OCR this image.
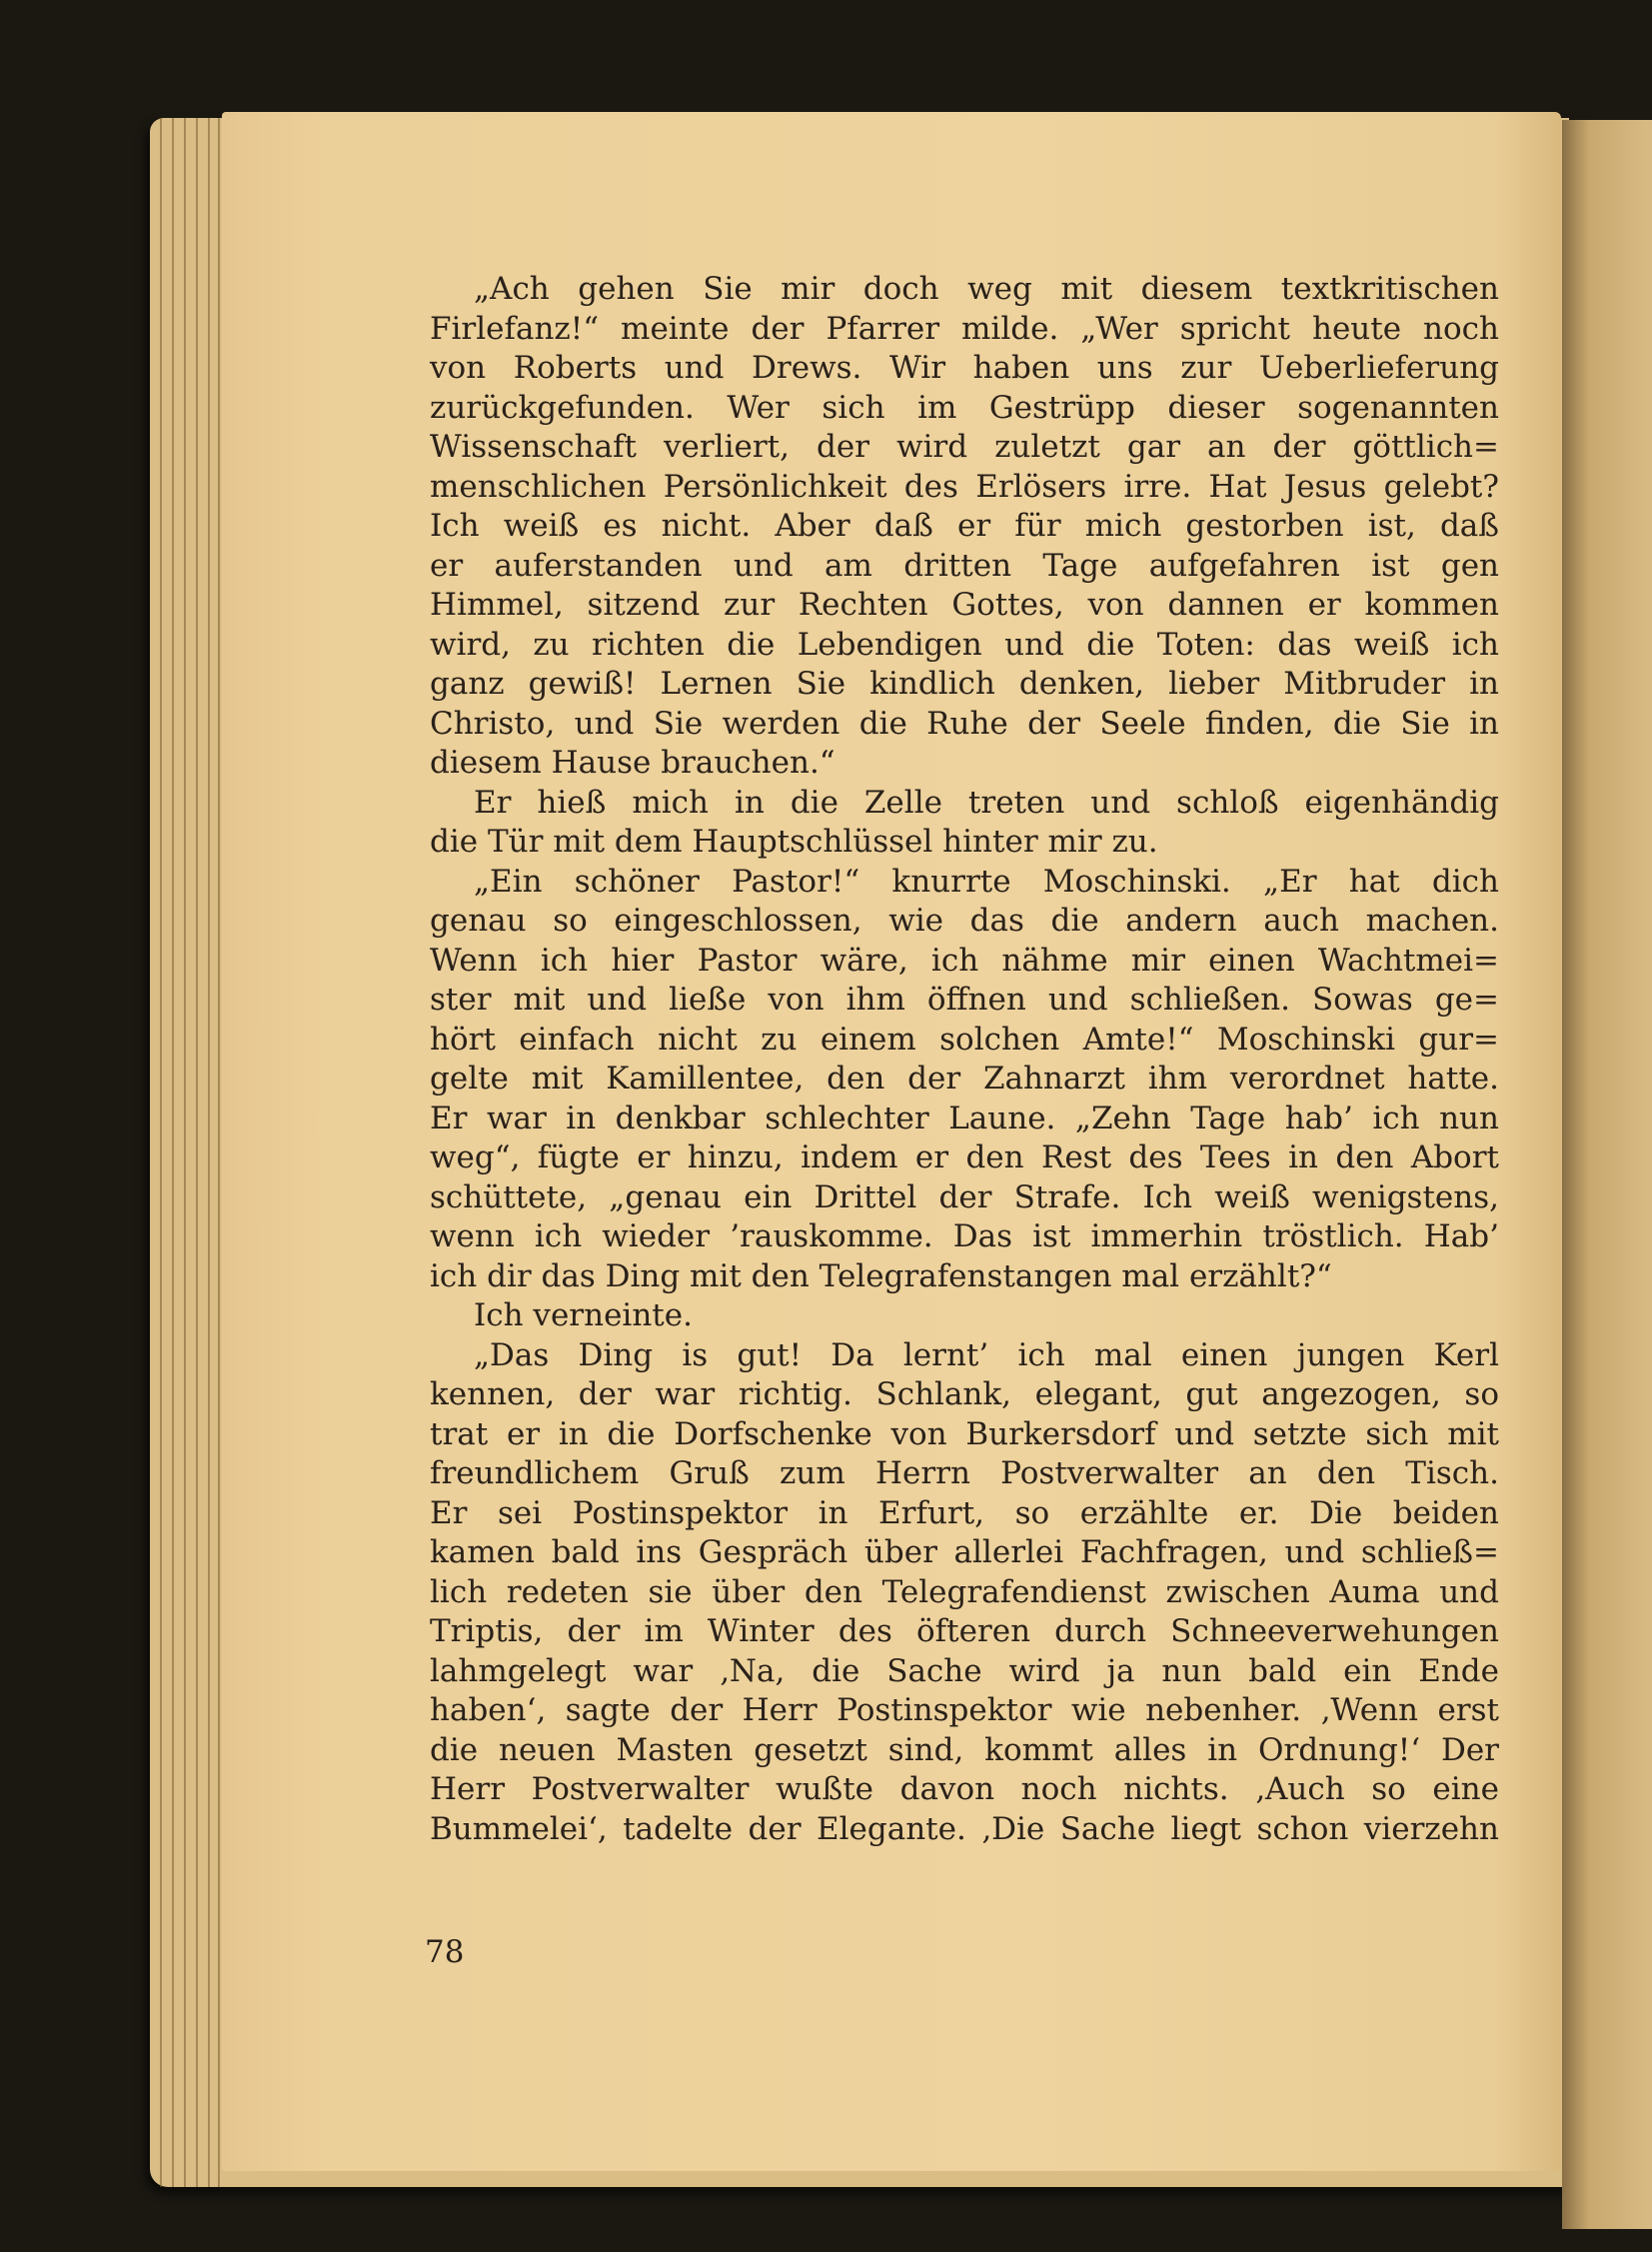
„Ach gehen Sie mir doch weg mit diesem textkritischen
Firlefanz!“ meinte der Pfarrer milde. „Wer spricht heute noch
von Roberts und Drews. Wir haben uns zur Ueberlieferung
zurückgefunden. Wer sich im Gestrüpp dieser sogenannten
Wissenschaft verliert, der wird zuletzt gar an der göttlich=
menschlichen Persönlichkeit des Erlösers irre. Hat Jesus gelebt?
Ich weiß es nicht. Aber daß er für mich gestorben ist, daß
er auferstanden und am dritten Tage aufgefahren ist gen
Himmel, sitzend zur Rechten Gottes, von dannen er kommen
wird, zu richten die Lebendigen und die Toten: das weiß ich
ganz gewiß! Lernen Sie kindlich denken, lieber Mitbruder in
Christo, und Sie werden die Ruhe der Seele finden, die Sie in
diesem Hause brauchen.“
Er hieß mich in die Zelle treten und schloß eigenhändig
die Tür mit dem Hauptschlüssel hinter mir zu.
„Ein schöner Pastor!“ knurrte Moschinski. „Er hat dich
genau so eingeschlossen, wie das die andern auch machen.
Wenn ich hier Pastor wäre, ich nähme mir einen Wachtmei=
ster mit und ließe von ihm öffnen und schließen. Sowas ge=
hört einfach nicht zu einem solchen Amte!“ Moschinski gur=
gelte mit Kamillentee, den der Zahnarzt ihm verordnet hatte.
Er war in denkbar schlechter Laune. „Zehn Tage hab’ ich nun
weg“, fügte er hinzu, indem er den Rest des Tees in den Abort
schüttete, „genau ein Drittel der Strafe. Ich weiß wenigstens,
wenn ich wieder ’rauskomme. Das ist immerhin tröstlich. Hab’
ich dir das Ding mit den Telegrafenstangen mal erzählt?“
Ich verneinte.
„Das Ding is gut! Da lernt’ ich mal einen jungen Kerl
kennen, der war richtig. Schlank, elegant, gut angezogen, so
trat er in die Dorfschenke von Burkersdorf und setzte sich mit
freundlichem Gruß zum Herrn Postverwalter an den Tisch.
Er sei Postinspektor in Erfurt, so erzählte er. Die beiden
kamen bald ins Gespräch über allerlei Fachfragen, und schließ=
lich redeten sie über den Telegrafendienst zwischen Auma und
Triptis, der im Winter des öfteren durch Schneeverwehungen
lahmgelegt war ‚Na, die Sache wird ja nun bald ein Ende
haben‘, sagte der Herr Postinspektor wie nebenher. ‚Wenn erst
die neuen Masten gesetzt sind, kommt alles in Ordnung!‘ Der
Herr Postverwalter wußte davon noch nichts. ‚Auch so eine
Bummelei‘, tadelte der Elegante. ‚Die Sache liegt schon vierzehn
78
